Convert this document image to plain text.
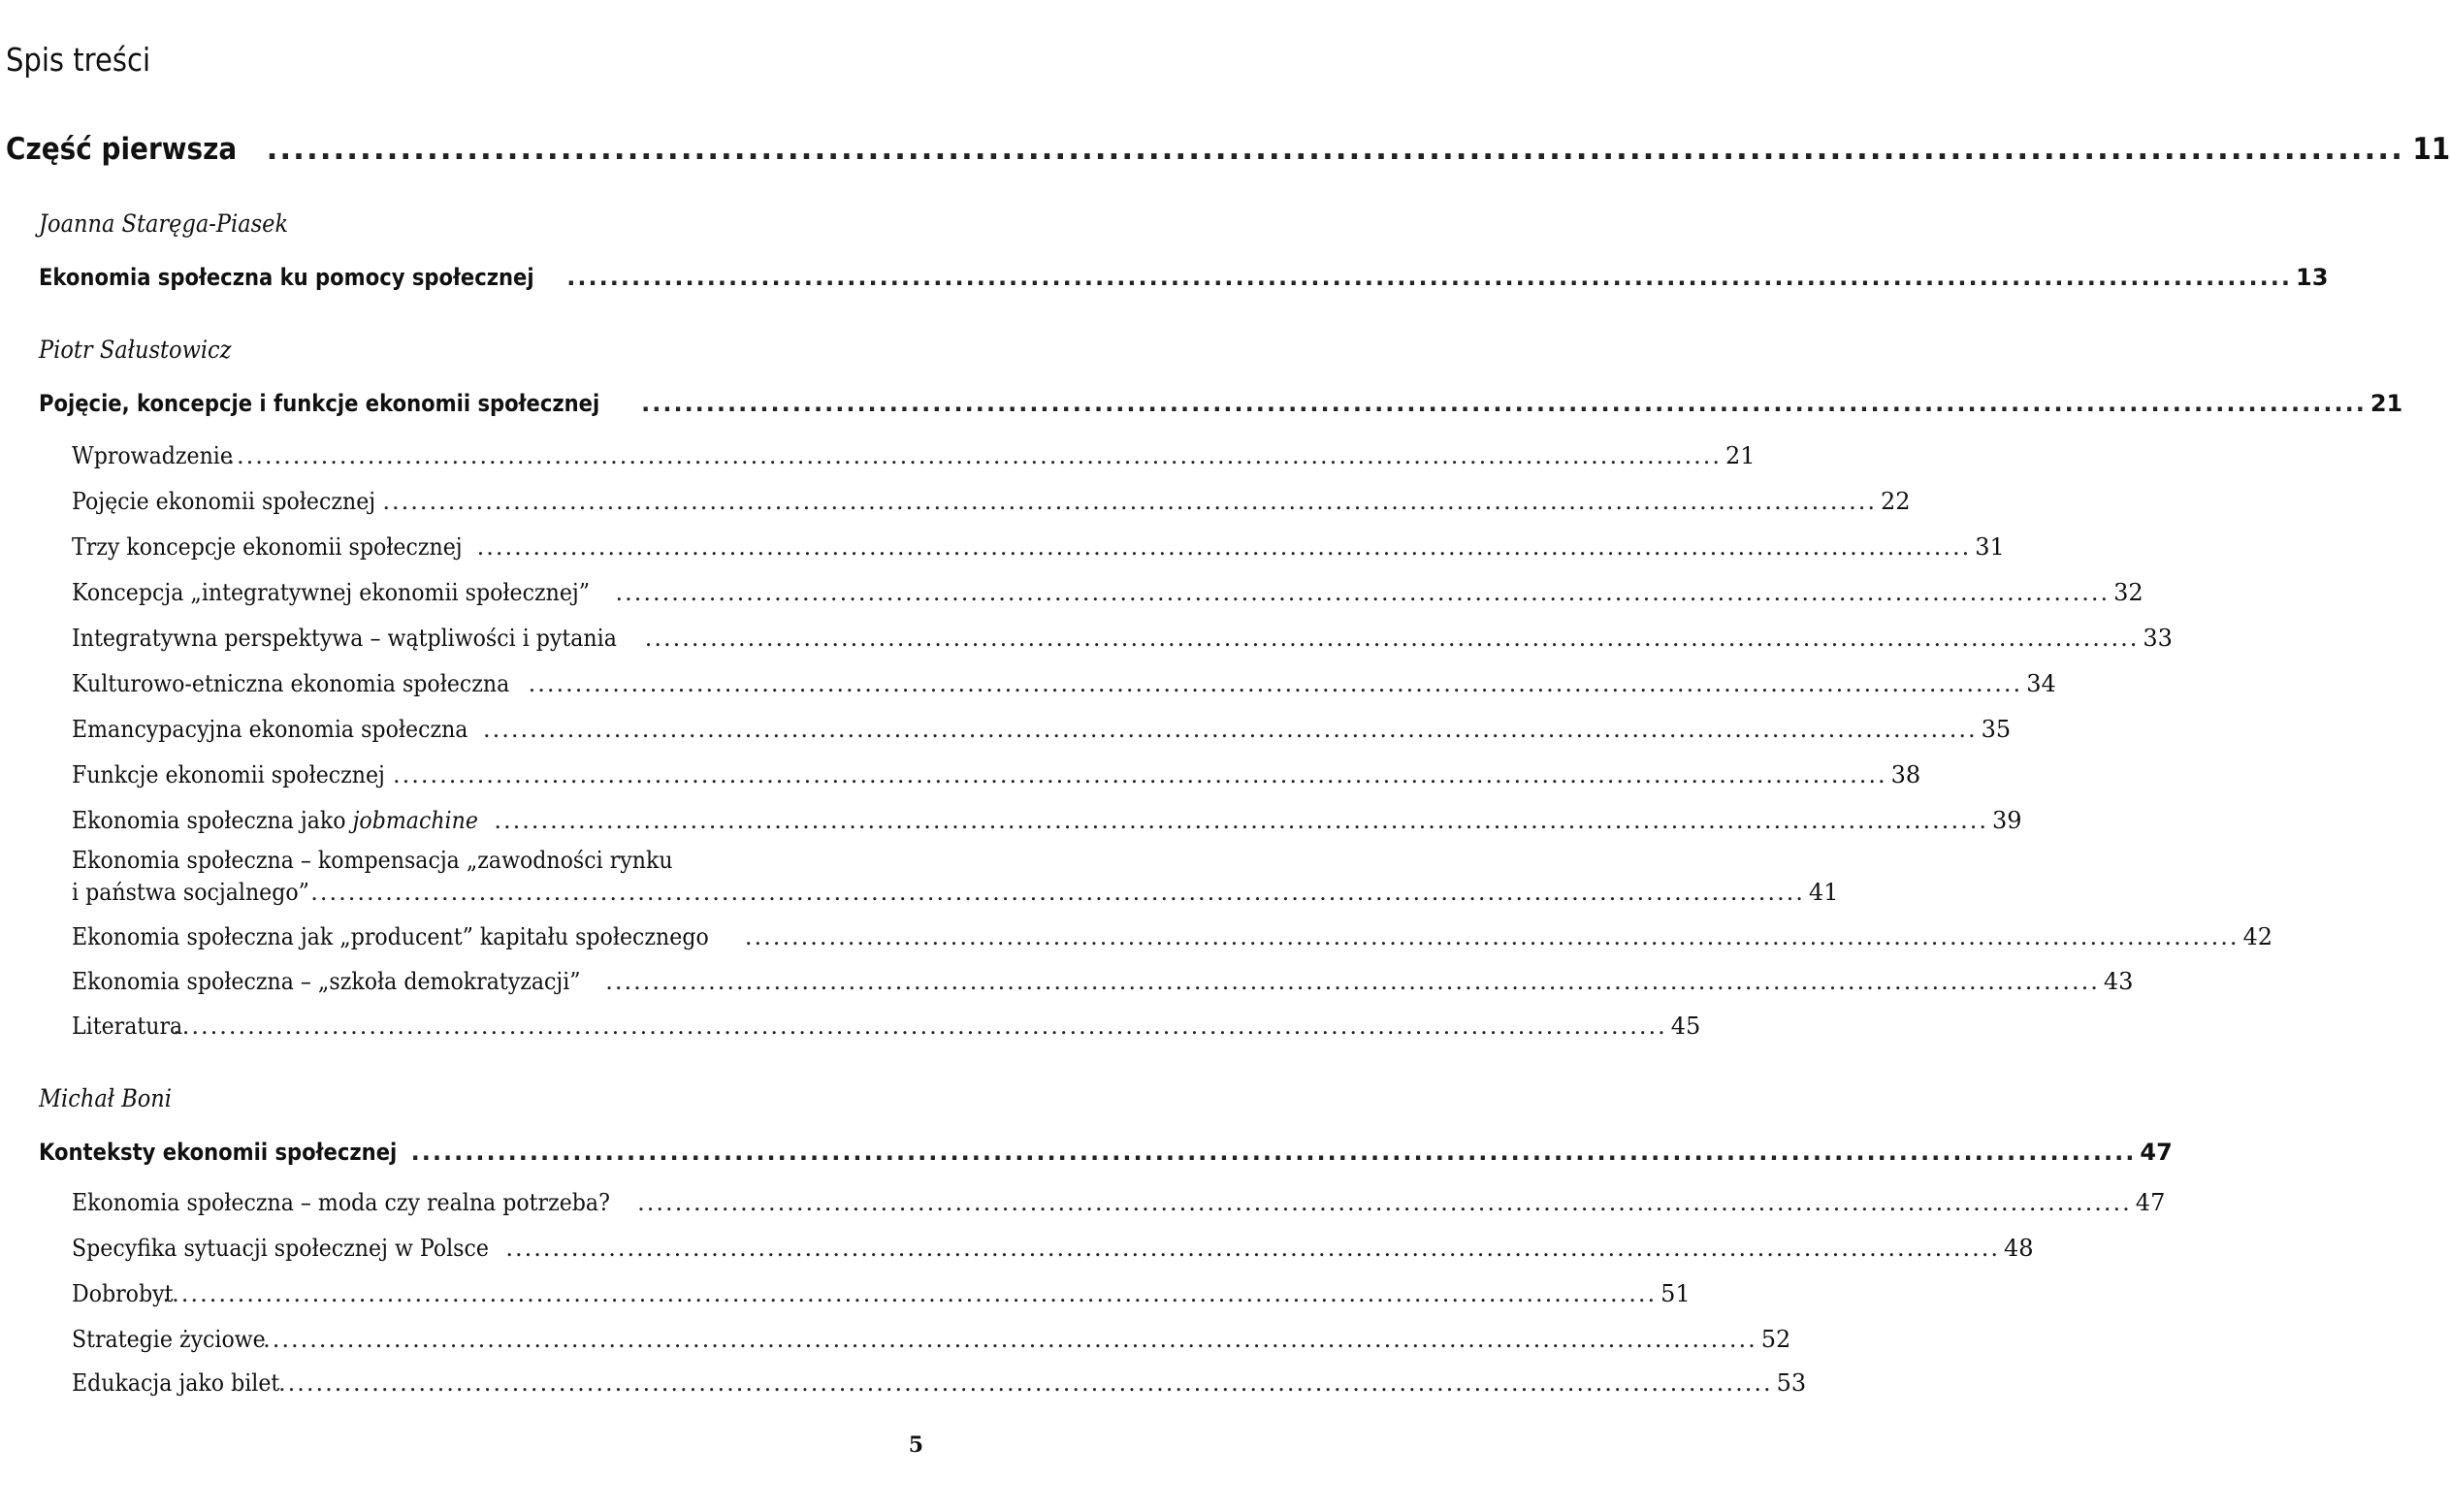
Spis treści
Część pierwsza ................................................................................................................................................................ 11
Joanna Staręga-Piasek
Ekonomia społeczna ku pomocy społecznej ................................................................................................................................................................ 13
Piotr Sałustowicz
Pojęcie, koncepcje i funkcje ekonomii społecznej ................................................................................................................................................................ 21
Wprowadzenie
................................................................................................................................................................ 21
Pojęcie ekonomii społecznej ................................................................................................................................................................ 22
Trzy koncepcje ekonomii społecznej ................................................................................................................................................................ 31
Koncepcja „integratywnej ekonomii społecznej” ................................................................................................................................................................ 32
Integratywna perspektywa – wątpliwości i pytania ................................................................................................................................................................ 33
Kulturowo-etniczna ekonomia społeczna ................................................................................................................................................................ 34
Emancypacyjna ekonomia społeczna ................................................................................................................................................................ 35
Funkcje ekonomii społecznej ................................................................................................................................................................ 38
Ekonomia społeczna jako jobmachine ................................................................................................................................................................ 39
Ekonomia społeczna – kompensacja „zawodności rynku
i państwa socjalnego” ................................................................................................................................................................ 41
Ekonomia społeczna jak „producent” kapitału społecznego ................................................................................................................................................................ 42
Ekonomia społeczna – „szkoła demokratyzacji” ................................................................................................................................................................ 43
Literatura
................................................................................................................................................................ 45
Michał Boni
Konteksty ekonomii społecznej ................................................................................................................................................................ 47
Ekonomia społeczna – moda czy realna potrzeba? ................................................................................................................................................................ 47
Specyfika sytuacji społecznej w Polsce ................................................................................................................................................................ 48
Dobrobyt
................................................................................................................................................................ 51
Strategie życiowe
................................................................................................................................................................ 52
Edukacja jako bilet
................................................................................................................................................................ 53
5
